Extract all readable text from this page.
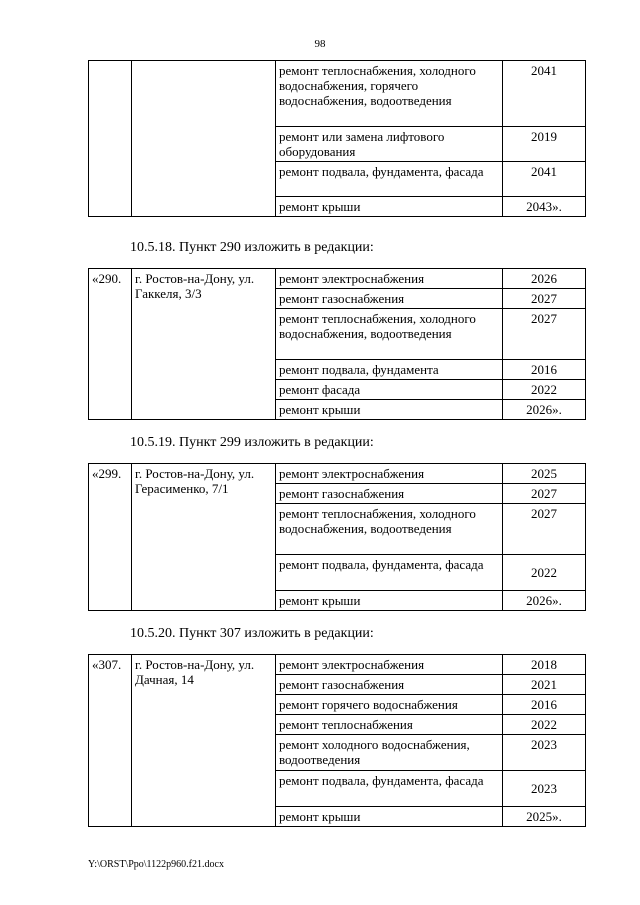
98
		ремонт теплоснабжения, холодного водоснабжения, горячего водоснабжения, водоотведения	2041
		ремонт или замена лифтового оборудования	2019
		ремонт подвала, фундамента, фасада	2041
		ремонт крыши	2043».
10.5.18. Пункт 290 изложить в редакции:
«290.	г. Ростов-на-Дону, ул. Гаккеля, 3/3	ремонт электроснабжения	2026
		ремонт газоснабжения	2027
		ремонт теплоснабжения, холодного водоснабжения, водоотведения	2027
		ремонт подвала, фундамента	2016
		ремонт фасада	2022
		ремонт крыши	2026».
10.5.19. Пункт 299 изложить в редакции:
«299.	г. Ростов-на-Дону, ул. Герасименко, 7/1	ремонт электроснабжения	2025
		ремонт газоснабжения	2027
		ремонт теплоснабжения, холодного водоснабжения, водоотведения	2027
		ремонт подвала, фундамента, фасада	2022
		ремонт крыши	2026».
10.5.20. Пункт 307 изложить в редакции:
«307.	г. Ростов-на-Дону, ул. Дачная, 14	ремонт электроснабжения	2018
		ремонт газоснабжения	2021
		ремонт горячего водоснабжения	2016
		ремонт теплоснабжения	2022
		ремонт холодного водоснабжения, водоотведения	2023
		ремонт подвала, фундамента, фасада	2023
		ремонт крыши	2025».
Y:\ORST\Ppo\1122p960.f21.docx
